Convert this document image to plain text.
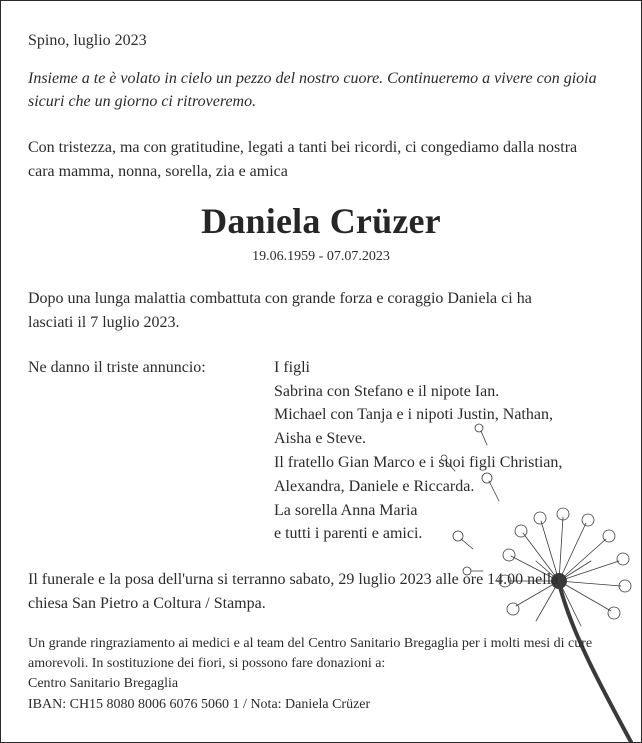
Spino, luglio 2023
Insieme a te è volato in cielo un pezzo del nostro cuore. Continueremo a vivere con gioia
sicuri che un giorno ci ritroveremo.
Con tristezza, ma con gratitudine, legati a tanti bei ricordi, ci congediamo dalla nostra
cara mamma, nonna, sorella, zia e amica
Daniela Crüzer
19.06.1959 - 07.07.2023
Dopo una lunga malattia combattuta con grande forza e coraggio Daniela ci ha
lasciati il 7 luglio 2023.
Ne danno il triste annuncio:	I figli
Sabrina con Stefano e il nipote Ian.
Michael con Tanja e i nipoti Justin, Nathan,
Aisha e Steve.
Il fratello Gian Marco e i suoi figli Christian,
Alexandra, Daniele e Riccarda.
La sorella Anna Maria
e tutti i parenti e amici.
Il funerale e la posa dell'urna si terranno sabato, 29 luglio 2023 alle ore 14.00 nella
chiesa San Pietro a Coltura / Stampa.
Un grande ringraziamento ai medici e al team del Centro Sanitario Bregaglia per i molti mesi di cure
amorevoli. In sostituzione dei fiori, si possono fare donazioni a:
Centro Sanitario Bregaglia
IBAN: CH15 8080 8006 6076 5060 1 / Nota: Daniela Crüzer
